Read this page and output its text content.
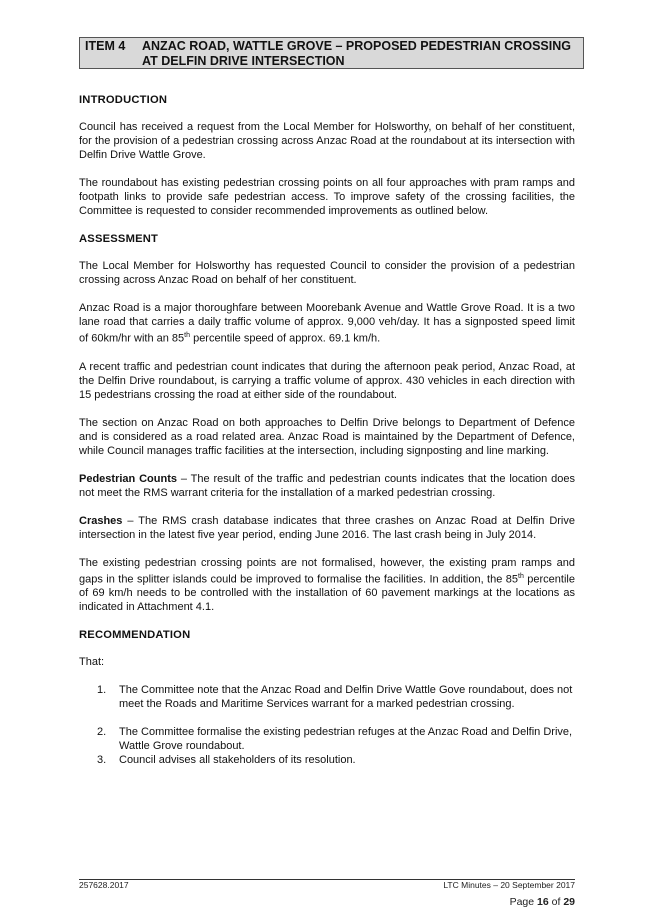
ITEM 4 ANZAC ROAD, WATTLE GROVE – PROPOSED PEDESTRIAN CROSSING AT DELFIN DRIVE INTERSECTION
INTRODUCTION

Council has received a request from the Local Member for Holsworthy, on behalf of her constituent, for the provision of a pedestrian crossing across Anzac Road at the roundabout at its intersection with Delfin Drive Wattle Grove.

The roundabout has existing pedestrian crossing points on all four approaches with pram ramps and footpath links to provide safe pedestrian access. To improve safety of the crossing facilities, the Committee is requested to consider recommended improvements as outlined below.

ASSESSMENT

The Local Member for Holsworthy has requested Council to consider the provision of a pedestrian crossing across Anzac Road on behalf of her constituent.

Anzac Road is a major thoroughfare between Moorebank Avenue and Wattle Grove Road. It is a two lane road that carries a daily traffic volume of approx. 9,000 veh/day. It has a signposted speed limit of 60km/hr with an 85th percentile speed of approx. 69.1 km/h.

A recent traffic and pedestrian count indicates that during the afternoon peak period, Anzac Road, at the Delfin Drive roundabout, is carrying a traffic volume of approx. 430 vehicles in each direction with 15 pedestrians crossing the road at either side of the roundabout.

The section on Anzac Road on both approaches to Delfin Drive belongs to Department of Defence and is considered as a road related area. Anzac Road is maintained by the Department of Defence, while Council manages traffic facilities at the intersection, including signposting and line marking.

Pedestrian Counts – The result of the traffic and pedestrian counts indicates that the location does not meet the RMS warrant criteria for the installation of a marked pedestrian crossing.

Crashes – The RMS crash database indicates that three crashes on Anzac Road at Delfin Drive intersection in the latest five year period, ending June 2016. The last crash being in July 2014.

The existing pedestrian crossing points are not formalised, however, the existing pram ramps and gaps in the splitter islands could be improved to formalise the facilities. In addition, the 85th percentile of 69 km/h needs to be controlled with the installation of 60 pavement markings at the locations as indicated in Attachment 4.1.

RECOMMENDATION

That:

1. The Committee note that the Anzac Road and Delfin Drive Wattle Gove roundabout, does not meet the Roads and Maritime Services warrant for a marked pedestrian crossing.
2. The Committee formalise the existing pedestrian refuges at the Anzac Road and Delfin Drive, Wattle Grove roundabout.
3. Council advises all stakeholders of its resolution.
257628.2017	LTC Minutes – 20 September 2017
Page 16 of 29
